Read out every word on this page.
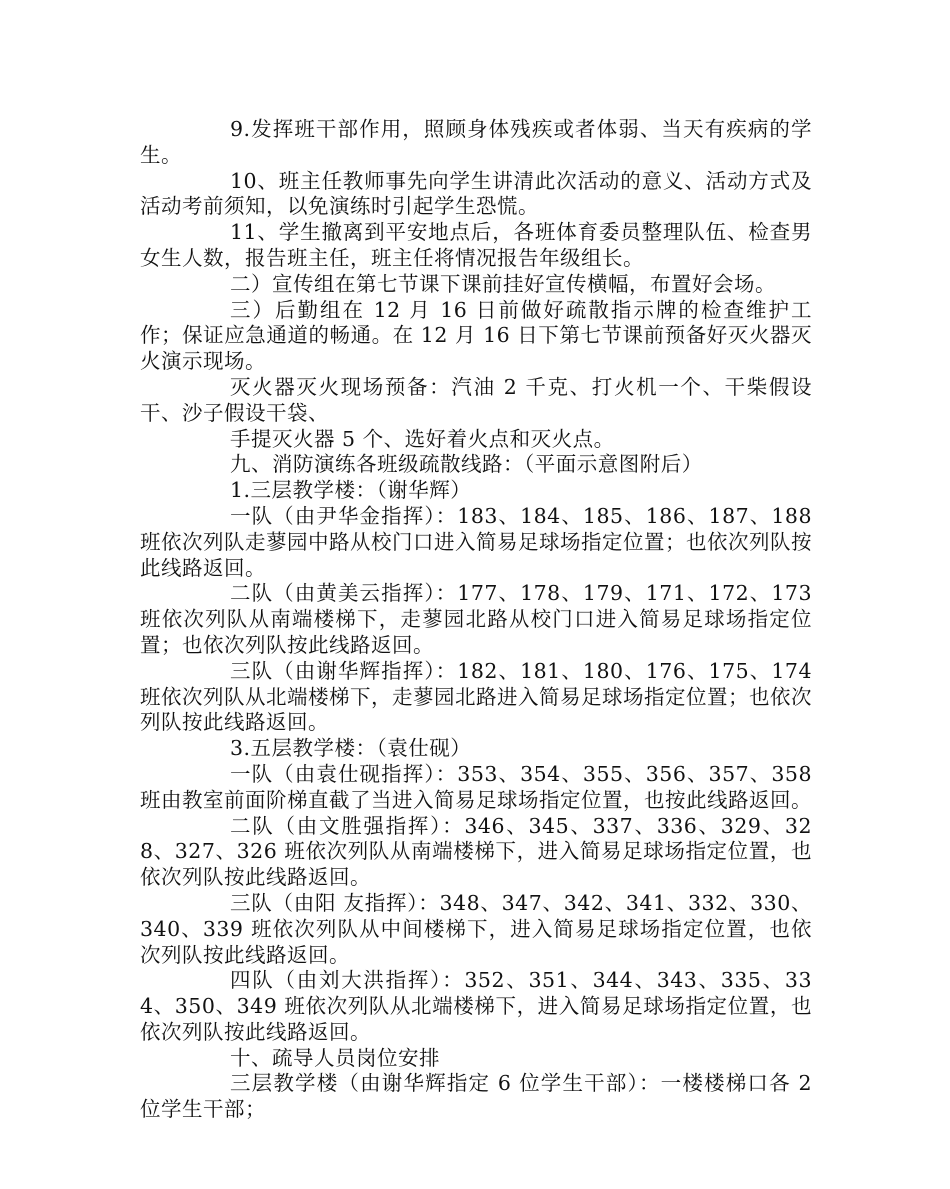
9.发挥班干部作用，照顾身体残疾或者体弱、当天有疾病的学生。

10、班主任教师事先向学生讲清此次活动的意义、活动方式及活动考前须知，以免演练时引起学生恐慌。

11、学生撤离到平安地点后，各班体育委员整理队伍、检查男女生人数，报告班主任，班主任将情况报告年级组长。

二）宣传组在第七节课下课前挂好宣传横幅，布置好会场。

三）后勤组在 12 月 16 日前做好疏散指示牌的检查维护工作；保证应急通道的畅通。在 12 月 16 日下第七节课前预备好灭火器灭火演示现场。

灭火器灭火现场预备：汽油 2 千克、打火机一个、干柴假设干、沙子假设干袋、

手提灭火器 5 个、选好着火点和灭火点。

九、消防演练各班级疏散线路：（平面示意图附后）

1.三层教学楼：（谢华辉）

一队（由尹华金指挥）：183、184、185、186、187、188 班依次列队走蓼园中路从校门口进入简易足球场指定位置；也依次列队按此线路返回。

二队（由黄美云指挥）：177、178、179、171、172、173 班依次列队从南端楼梯下，走蓼园北路从校门口进入简易足球场指定位置；也依次列队按此线路返回。

三队（由谢华辉指挥）：182、181、180、176、175、174 班依次列队从北端楼梯下，走蓼园北路进入简易足球场指定位置；也依次列队按此线路返回。

3.五层教学楼：（袁仕砚）

一队（由袁仕砚指挥）：353、354、355、356、357、358 班由教室前面阶梯直截了当进入简易足球场指定位置，也按此线路返回。

二队（由文胜强指挥）：346、345、337、336、329、328、327、326 班依次列队从南端楼梯下，进入简易足球场指定位置，也依次列队按此线路返回。

三队（由阳 友指挥）：348、347、342、341、332、330、340、339 班依次列队从中间楼梯下，进入简易足球场指定位置，也依次列队按此线路返回。

四队（由刘大洪指挥）：352、351、344、343、335、334、350、349 班依次列队从北端楼梯下，进入简易足球场指定位置，也依次列队按此线路返回。

十、疏导人员岗位安排

三层教学楼（由谢华辉指定 6 位学生干部）：一楼楼梯口各 2 位学生干部；
